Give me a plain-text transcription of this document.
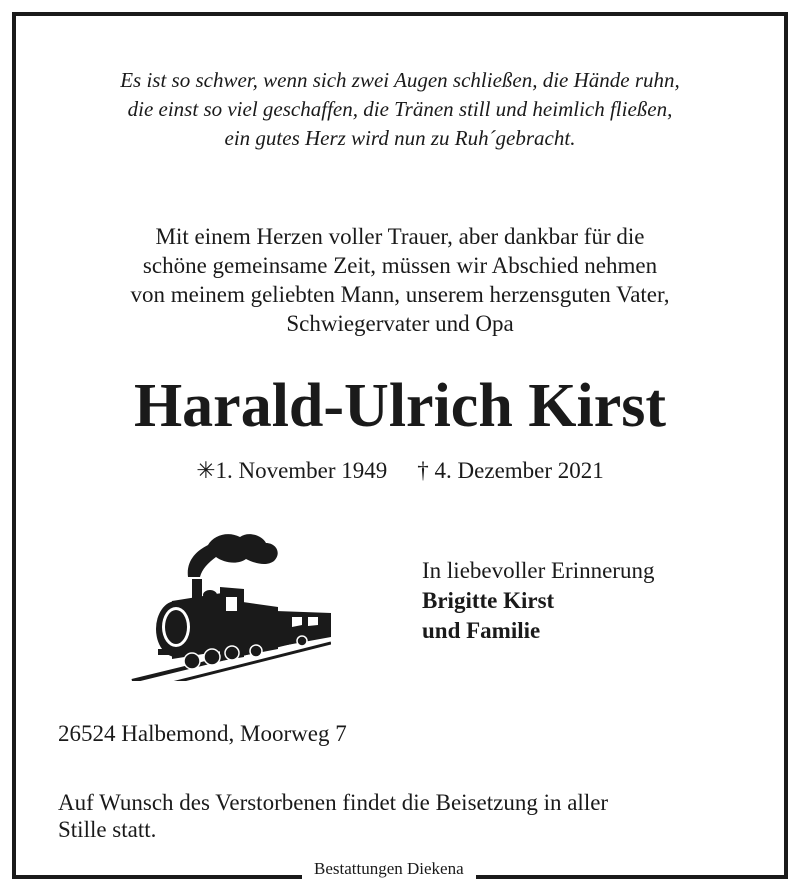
Es ist so schwer, wenn sich zwei Augen schließen, die Hände ruhn,
die einst so viel geschaffen, die Tränen still und heimlich fließen,
ein gutes Herz wird nun zu Ruh´gebracht.
Mit einem Herzen voller Trauer, aber dankbar für die
schöne gemeinsame Zeit, müssen wir Abschied nehmen
von meinem geliebten Mann, unserem herzensguten Vater,
Schwiegervater und Opa
Harald-Ulrich Kirst
✳1. November 1949 † 4. Dezember 2021
In liebevoller Erinnerung
Brigitte Kirst
und Familie
26524 Halbemond, Moorweg 7
Auf Wunsch des Verstorbenen findet die Beisetzung in aller
Stille statt.
Bestattungen Diekena
